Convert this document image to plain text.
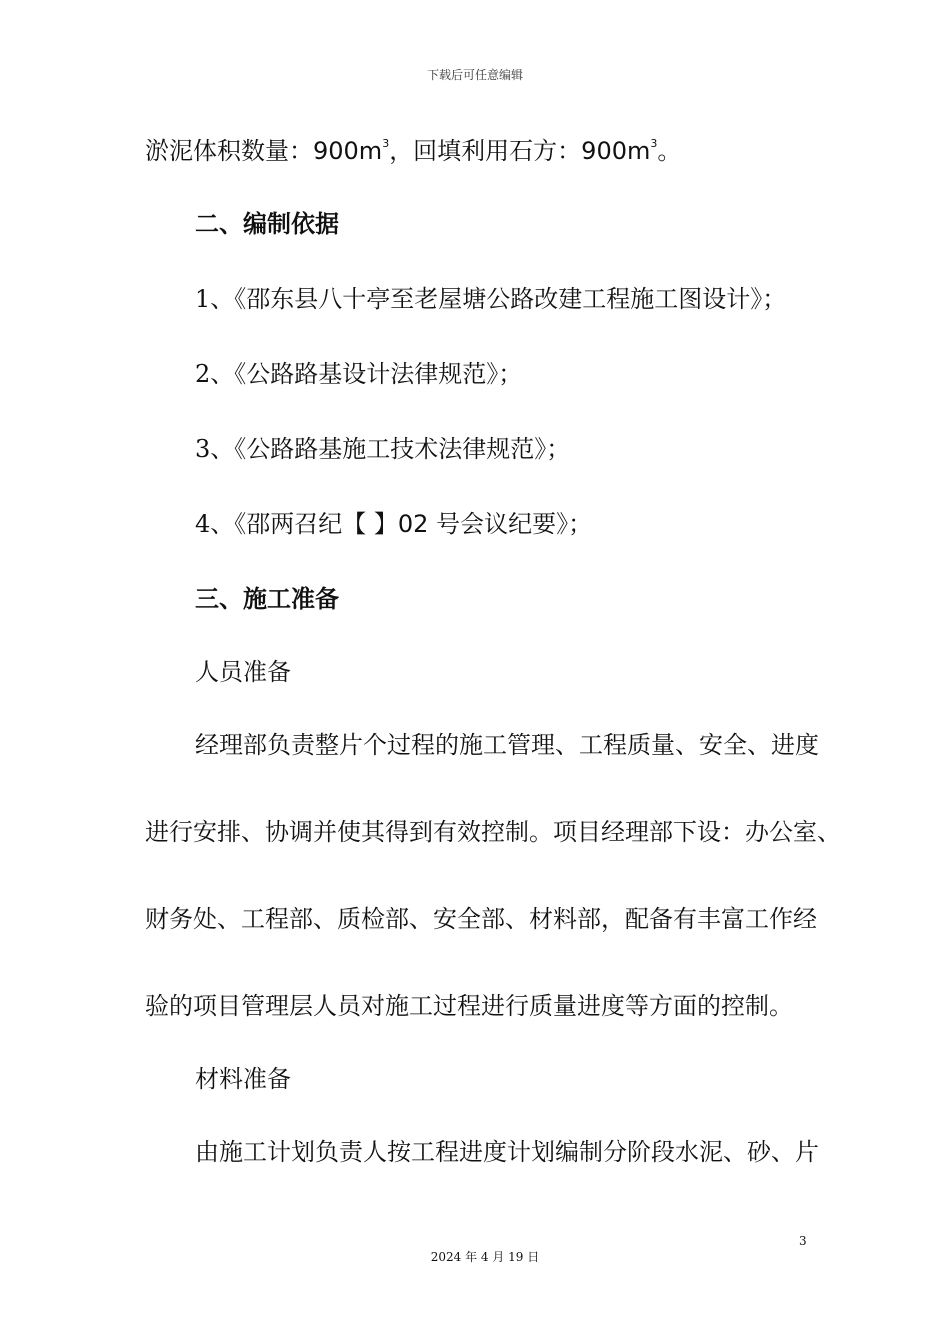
下载后可任意编辑
淤泥体积数量：$900m^3$，回填利用石方：$900m^3$。
二、编制依据
1、《邵东县八十亭至老屋塘公路改建工程施工图设计》；
2、《公路路基设计法律规范》；
3、《公路路基施工技术法律规范》；
4、《邵两召纪【 】02 号会议纪要》；
三、施工准备
人员准备
经理部负责整片个过程的施工管理、工程质量、安全、进度
进行安排、协调并使其得到有效控制。项目经理部下设：办公室、
财务处、工程部、质检部、安全部、材料部，配备有丰富工作经
验的项目管理层人员对施工过程进行质量进度等方面的控制。
材料准备
由施工计划负责人按工程进度计划编制分阶段水泥、砂、片
3
2024 年 4 月 19 日
